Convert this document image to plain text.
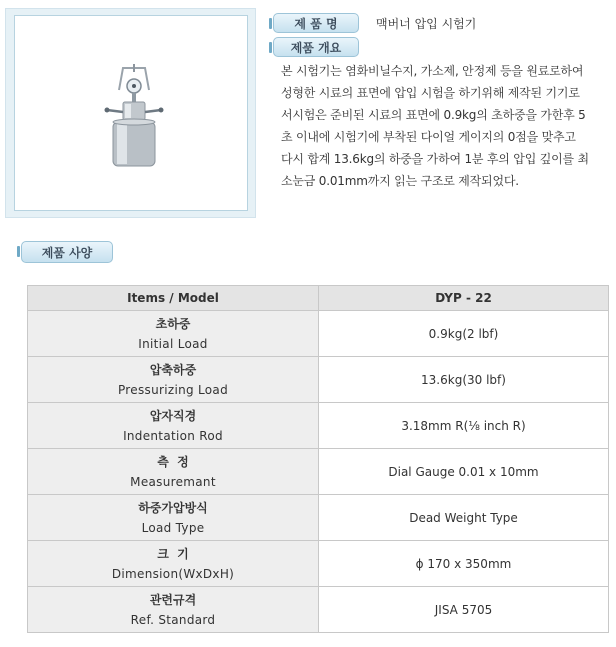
제 품 명	맥버너 압입 시험기
제품 개요
본 시험기는 염화비닐수지, 가소제, 안정제 등을 원료로하여
성형한 시료의 표면에 압입 시험을 하기위해 제작된 기기로
서시험은 준비된 시료의 표면에 0.9kg의 초하중을 가한후 5
초 이내에 시험기에 부착된 다이얼 게이지의 0점을 맞추고
다시 합계 13.6kg의 하중을 가하여 1분 후의 압입 깊이를 최
소눈금 0.01mm까지 읽는 구조로 제작되었다.
제품 사양
Items / Model	DYP - 22

초하중
Initial Load	0.9kg(2 lbf)

압축하중
Pressurizing Load	13.6kg(30 lbf)

압자직경
Indentation Rod	3.18mm R(⅛ inch R)

측  정
Measuremant	Dial Gauge 0.01 x 10mm

하중가압방식
Load Type	Dead Weight Type

크  기
Dimension(WxDxH)	ϕ 170 x 350mm

관련규격
Ref. Standard	JISA 5705
